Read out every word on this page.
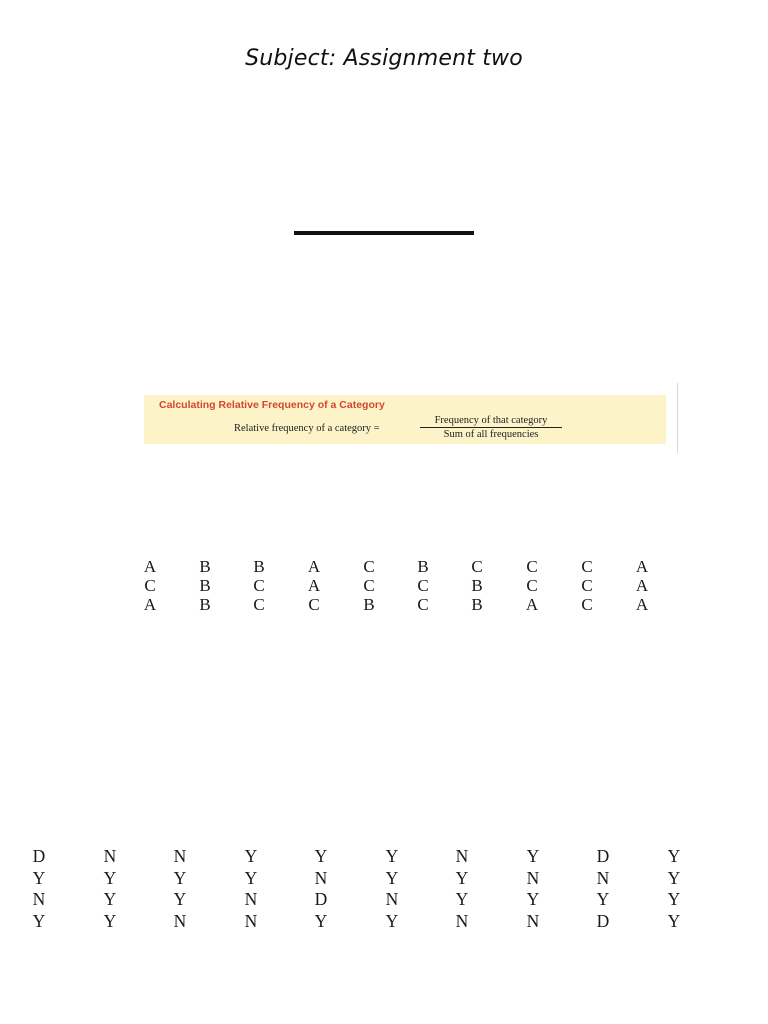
Subject: Assignment two
Calculating Relative Frequency of a Category
Relative frequency of a category =
Frequency of that category
Sum of all frequencies
A	B	B	A	C	B	C	C	C	A
C	B	C	A	C	C	B	C	C	A
A	B	C	C	B	C	B	A	C	A
D	N	N	Y	Y	Y	N	Y	D	Y
Y	Y	Y	Y	N	Y	Y	N	N	Y
N	Y	Y	N	D	N	Y	Y	Y	Y
Y	Y	N	N	Y	Y	N	N	D	Y
